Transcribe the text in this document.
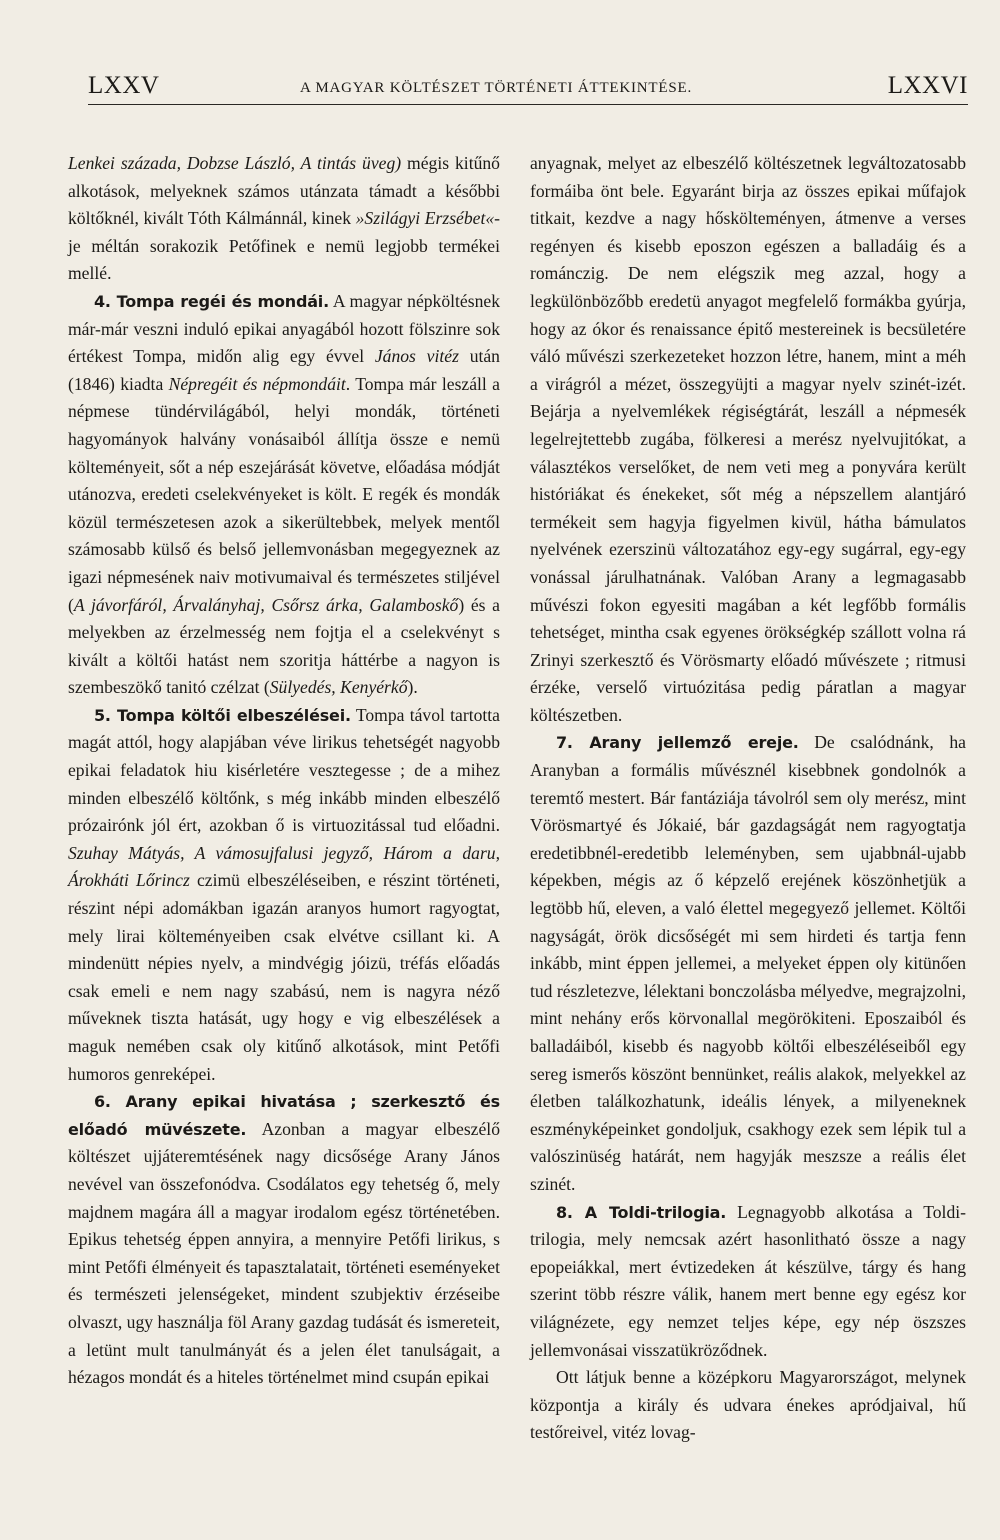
LXXV	A MAGYAR KÖLTÉSZET TÖRTÉNETI ÁTTEKINTÉSE.	LXXVI

Lenkei százada, Dobzse László, A tintás üveg) mégis kitűnő alkotások, melyeknek számos utánzata támadt a későbbi költőknél, kivált Tóth Kálmánnál, kinek »Szilágyi Erzsébet«-je méltán sorakozik Petőfinek e nemü legjobb termékei mellé.

4. Tompa regéi és mondái. A magyar népköltésnek már-már veszni induló epikai anyagából hozott fölszinre sok értékest Tompa, midőn alig egy évvel János vitéz után (1846) kiadta Népregéit és népmondáit. Tompa már leszáll a népmese tündérvilágából, helyi mondák, történeti hagyományok halvány vonásaiból állítja össze e nemü költeményeit, sőt a nép eszejárását követve, előadása módját utánozva, eredeti cselekvényeket is költ. E regék és mondák közül természetesen azok a sikerültebbek, melyek mentől számosabb külső és belső jellemvonásban megegyeznek az igazi népmesének naiv motivumaival és természetes stiljével (A jávorfáról, Árvalányhaj, Csőrsz árka, Galamboskő) és a melyekben az érzelmesség nem fojtja el a cselekvényt s kivált a költői hatást nem szoritja háttérbe a nagyon is szembeszökő tanitó czélzat (Sülyedés, Kenyérkő).

5. Tompa költői elbeszélései. Tompa távol tartotta magát attól, hogy alapjában véve lirikus tehetségét nagyobb epikai feladatok hiu kisérletére vesztegesse ; de a mihez minden elbeszélő költőnk, s még inkább minden elbeszélő prózairónk jól ért, azokban ő is virtuozitással tud előadni. Szuhay Mátyás, A vámosujfalusi jegyző, Három a daru, Árokháti Lőrincz czimü elbeszéléseiben, e részint történeti, részint népi adomákban igazán aranyos humort ragyogtat, mely lirai költeményeiben csak elvétve csillant ki. A mindenütt népies nyelv, a mindvégig jóizü, tréfás előadás csak emeli e nem nagy szabású, nem is nagyra néző műveknek tiszta hatását, ugy hogy e vig elbeszélések a maguk nemében csak oly kitűnő alkotások, mint Petőfi humoros genreképei.

6. Arany epikai hivatása ; szerkesztő és előadó müvészete. Azonban a magyar elbeszélő költészet ujjáteremtésének nagy dicsősége Arany János nevével van összefonódva. Csodálatos egy tehetség ő, mely majdnem magára áll a magyar irodalom egész történetében. Epikus tehetség éppen annyira, a mennyire Petőfi lirikus, s mint Petőfi élményeit és tapasztalatait, történeti eseményeket és természeti jelenségeket, mindent szubjektiv érzéseibe olvaszt, ugy használja föl Arany gazdag tudását és ismereteit, a letünt mult tanulmányát és a jelen élet tanulságait, a hézagos mondát és a hiteles történelmet mind csupán epikai

anyagnak, melyet az elbeszélő költészetnek legváltozatosabb formáiba önt bele. Egyaránt birja az összes epikai műfajok titkait, kezdve a nagy hőskölteményen, átmenve a verses regényen és kisebb eposzon egészen a balladáig és a románczig. De nem elégszik meg azzal, hogy a legkülönbözőbb eredetü anyagot megfelelő formákba gyúrja, hogy az ókor és renaissance épitő mestereinek is becsületére váló művészi szerkezeteket hozzon létre, hanem, mint a méh a virágról a mézet, összegyüjti a magyar nyelv szinét-izét. Bejárja a nyelvemlékek régiségtárát, leszáll a népmesék legelrejtettebb zugába, fölkeresi a merész nyelvujitókat, a választékos verselőket, de nem veti meg a ponyvára került históriákat és énekeket, sőt még a népszellem alantjáró termékeit sem hagyja figyelmen kivül, hátha bámulatos nyelvének ezerszinü változatához egy-egy sugárral, egy-egy vonással járulhatnának. Valóban Arany a legmagasabb művészi fokon egyesiti magában a két legfőbb formális tehetséget, mintha csak egyenes örökségkép szállott volna rá Zrinyi szerkesztő és Vörösmarty előadó művészete ; ritmusi érzéke, verselő virtuózitása pedig páratlan a magyar költészetben.

7. Arany jellemző ereje. De csalódnánk, ha Aranyban a formális művésznél kisebbnek gondolnók a teremtő mestert. Bár fantáziája távolról sem oly merész, mint Vörösmartyé és Jókaié, bár gazdagságát nem ragyogtatja eredetibbnél-eredetibb leleményben, sem ujabbnál-ujabb képekben, mégis az ő képzelő erejének köszönhetjük a legtöbb hű, eleven, a való élettel megegyező jellemet. Költői nagyságát, örök dicsőségét mi sem hirdeti és tartja fenn inkább, mint éppen jellemei, a melyeket éppen oly kitünően tud részletezve, lélektani bonczolásba mélyedve, megrajzolni, mint nehány erős körvonallal megörökiteni. Eposzaiból és balladáiból, kisebb és nagyobb költői elbeszéléseiből egy sereg ismerős köszönt bennünket, reális alakok, melyekkel az életben találkozhatunk, ideális lények, a milyeneknek eszményképeinket gondoljuk, csakhogy ezek sem lépik tul a valószinüség határát, nem hagyják meszsze a reális élet szinét.

8. A Toldi-trilogia. Legnagyobb alkotása a Toldi-trilogia, mely nemcsak azért hasonlitható össze a nagy epopeiákkal, mert évtizedeken át készülve, tárgy és hang szerint több részre válik, hanem mert benne egy egész kor világnézete, egy nemzet teljes képe, egy nép öszszes jellemvonásai visszatükröződnek.

Ott látjuk benne a középkoru Magyarországot, melynek központja a király és udvara énekes apródjaival, hű testőreivel, vitéz lovag-
